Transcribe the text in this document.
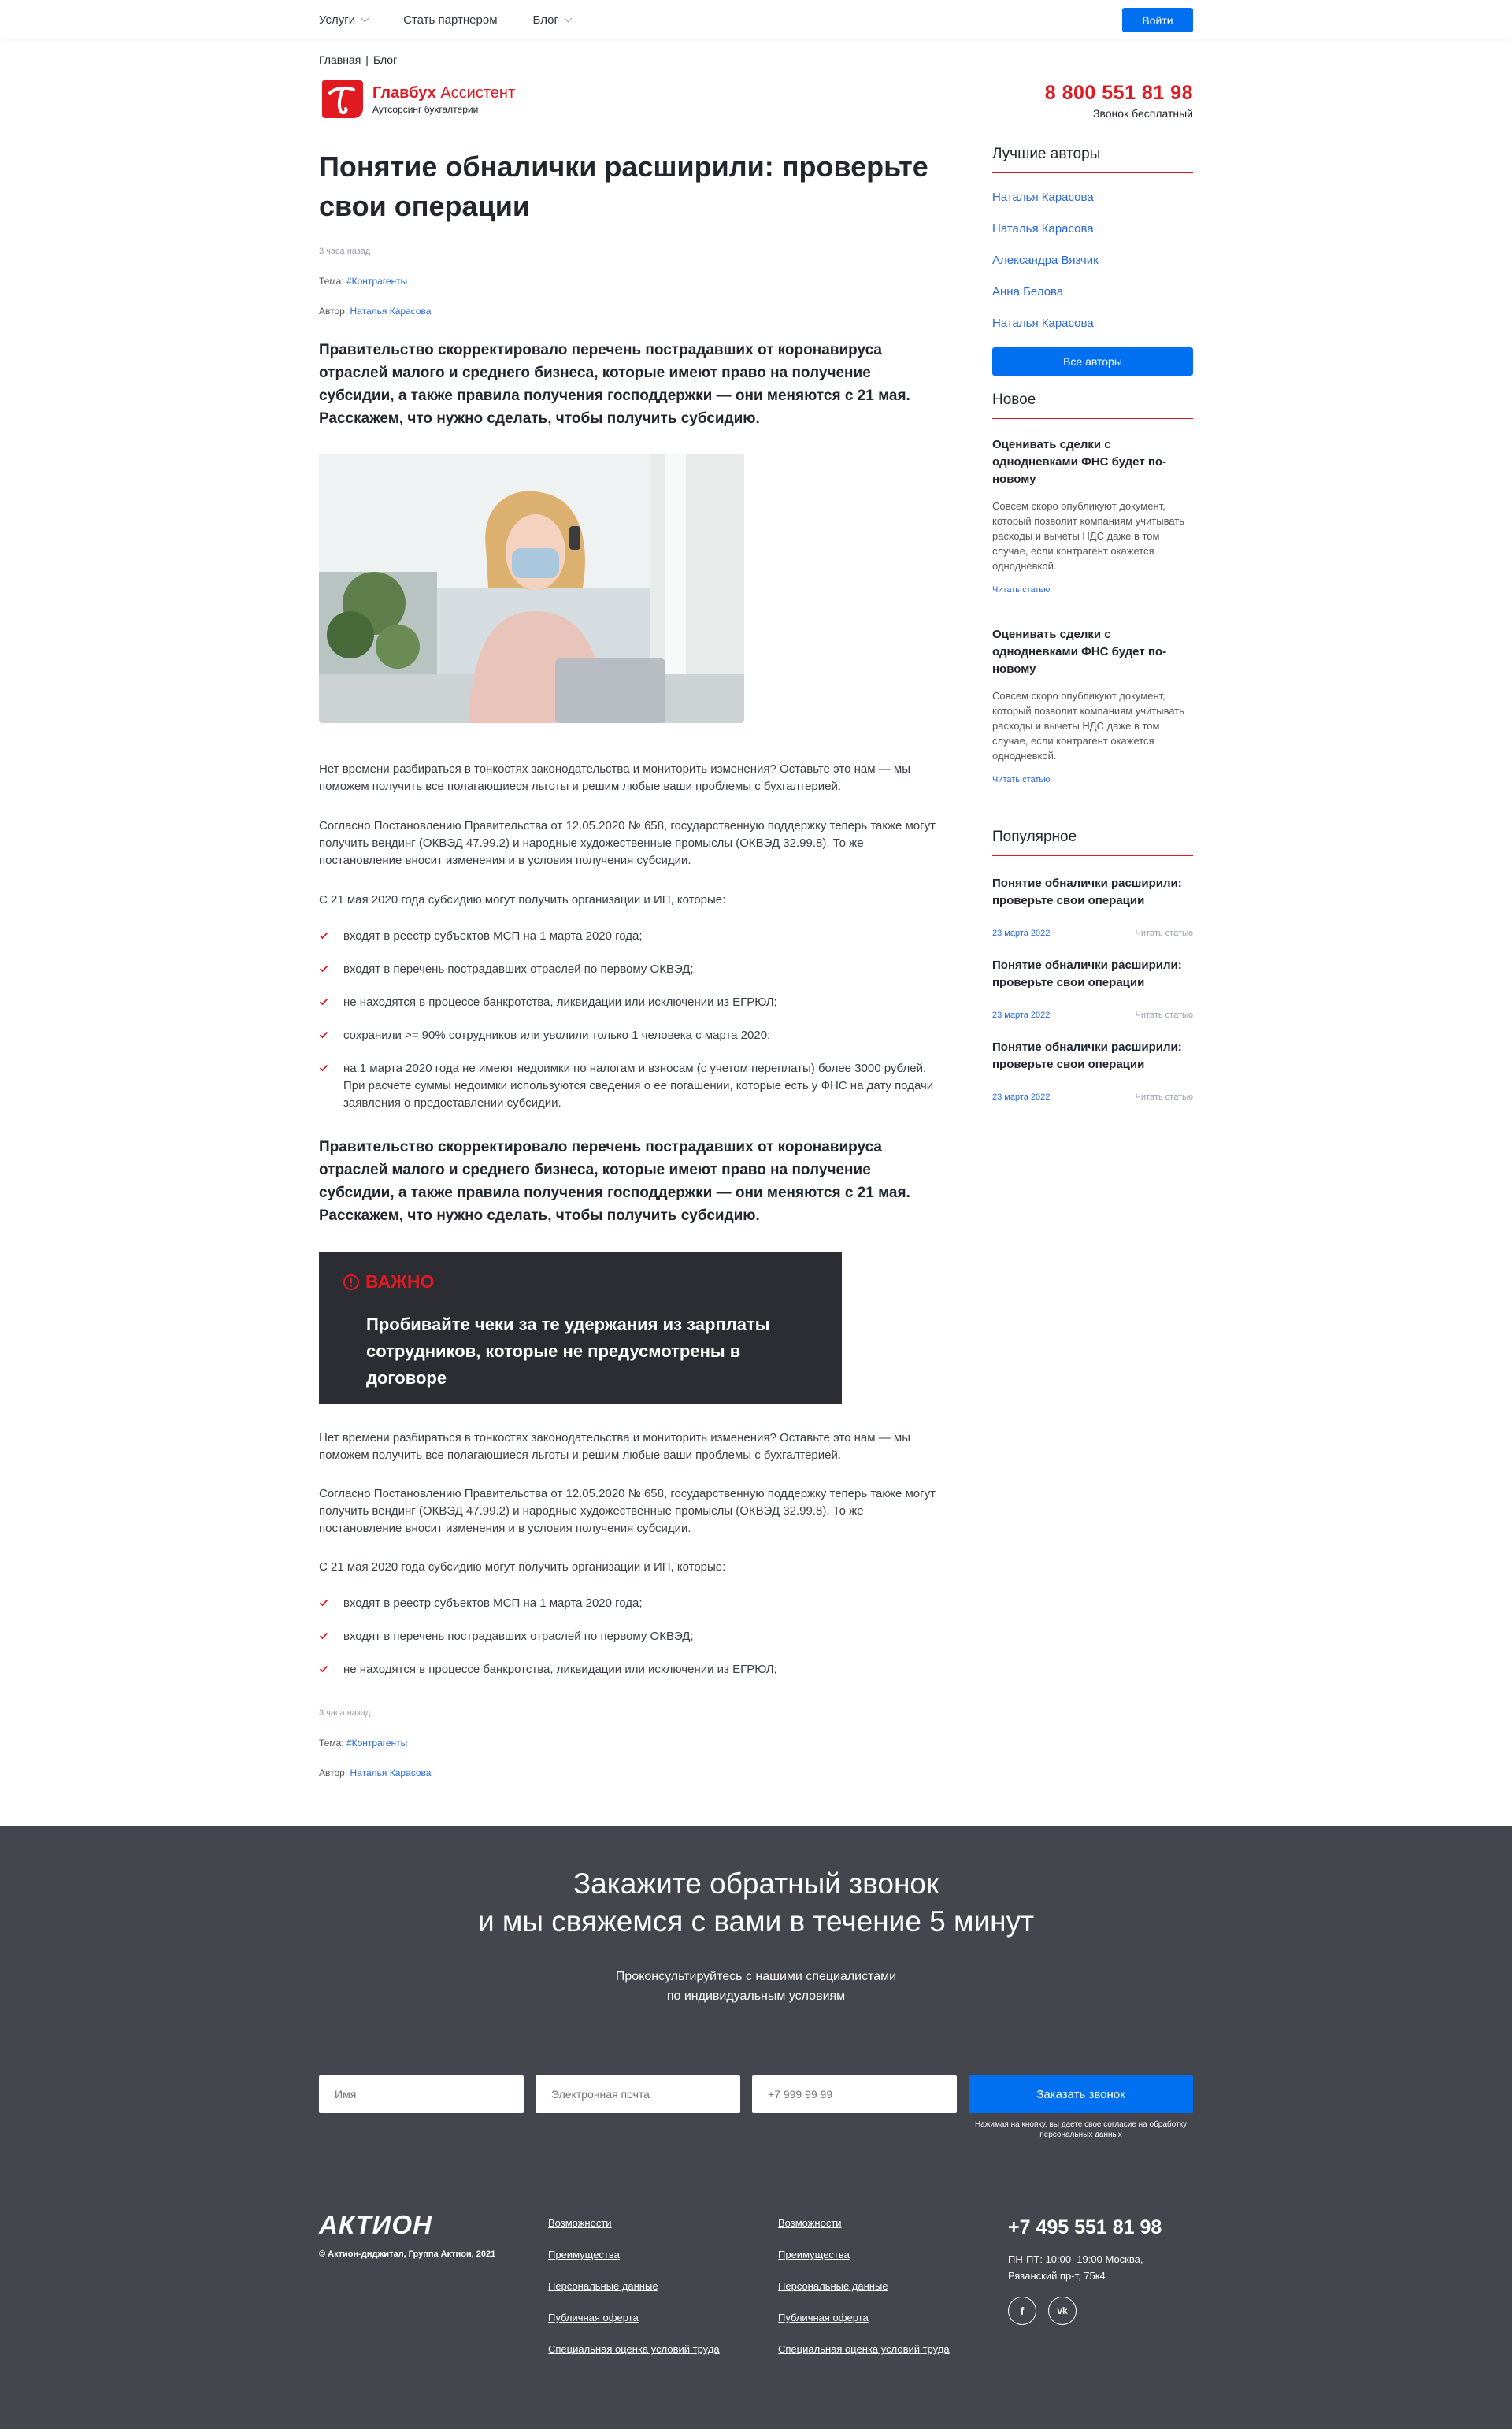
Услуги	Стать партнером	Блог	Войти
Главная | Блог
Главбух Ассистент
Аутсорсинг бухгалтерии
8 800 551 81 98
Звонок бесплатный
Понятие обналички расширили: проверьте свои операции
3 часа назад
Тема: #Контрагенты
Автор: Наталья Карасова

Правительство скорректировало перечень пострадавших от коронавируса отраслей малого и среднего бизнеса, которые имеют право на получение субсидии, а также правила получения господдержки — они меняются с 21 мая. Расскажем, что нужно сделать, чтобы получить субсидию.

Нет времени разбираться в тонкостях законодательства и мониторить изменения? Оставьте это нам — мы поможем получить все полагающиеся льготы и решим любые ваши проблемы с бухгалтерией.

Согласно Постановлению Правительства от 12.05.2020 № 658, государственную поддержку теперь также могут получить вендинг (ОКВЭД 47.99.2) и народные художественные промыслы (ОКВЭД 32.99.8). То же постановление вносит изменения и в условия получения субсидии.

С 21 мая 2020 года субсидию могут получить организации и ИП, которые:

входят в реестр субъектов МСП на 1 марта 2020 года;
входят в перечень пострадавших отраслей по первому ОКВЭД;
не находятся в процессе банкротства, ликвидации или исключении из ЕГРЮЛ;
сохранили >= 90% сотрудников или уволили только 1 человека с марта 2020;
на 1 марта 2020 года не имеют недоимки по налогам и взносам (с учетом переплаты) более 3000 рублей. При расчете суммы недоимки используются сведения о ее погашении, которые есть у ФНС на дату подачи заявления о предоставлении субсидии.

Правительство скорректировало перечень пострадавших от коронавируса отраслей малого и среднего бизнеса, которые имеют право на получение субсидии, а также правила получения господдержки — они меняются с 21 мая. Расскажем, что нужно сделать, чтобы получить субсидию.

ВАЖНО
Пробивайте чеки за те удержания из зарплаты сотрудников, которые не предусмотрены в договоре

Нет времени разбираться в тонкостях законодательства и мониторить изменения? Оставьте это нам — мы поможем получить все полагающиеся льготы и решим любые ваши проблемы с бухгалтерией.

Согласно Постановлению Правительства от 12.05.2020 № 658, государственную поддержку теперь также могут получить вендинг (ОКВЭД 47.99.2) и народные художественные промыслы (ОКВЭД 32.99.8). То же постановление вносит изменения и в условия получения субсидии.

С 21 мая 2020 года субсидию могут получить организации и ИП, которые:

входят в реестр субъектов МСП на 1 марта 2020 года;
входят в перечень пострадавших отраслей по первому ОКВЭД;
не находятся в процессе банкротства, ликвидации или исключении из ЕГРЮЛ;
3 часа назад
Тема: #Контрагенты
Автор: Наталья Карасова
Лучшие авторы
Наталья Карасова
Наталья Карасова
Александра Вязчик
Анна Белова
Наталья Карасова
Все авторы
Новое
Оценивать сделки с однодневками ФНС будет по-новому
Совсем скоро опубликуют документ, который позволит компаниям учитывать расходы и вычеты НДС даже в том случае, если контрагент окажется однодневкой.
Читать статью
Оценивать сделки с однодневками ФНС будет по-новому
Совсем скоро опубликуют документ, который позволит компаниям учитывать расходы и вычеты НДС даже в том случае, если контрагент окажется однодневкой.
Читать статью
Популярное
Понятие обналички расширили: проверьте свои операции
23 марта 2022	Читать статью
Понятие обналички расширили: проверьте свои операции
23 марта 2022	Читать статью
Понятие обналички расширили: проверьте свои операции
23 марта 2022	Читать статью
Закажите обратный звонок
и мы свяжемся с вами в течение 5 минут
Проконсультируйтесь с нашими специалистами
по индивидуальным условиям
Имя
Электронная почта
+7 999 99 99
Заказать звонок
Нажимая на кнопку, вы даете свое согласие на обработку персональных данных
АКТИОН
© Актион-диджитал, Группа Актион, 2021
Возможности
Преимущества
Персональные данные
Публичная оферта
Специальная оценка условий труда
Возможности
Преимущества
Персональные данные
Публичная оферта
Специальная оценка условий труда
+7 495 551 81 98
ПН-ПТ: 10:00–19:00 Москва,
Рязанский пр-т, 75к4
f	vk
